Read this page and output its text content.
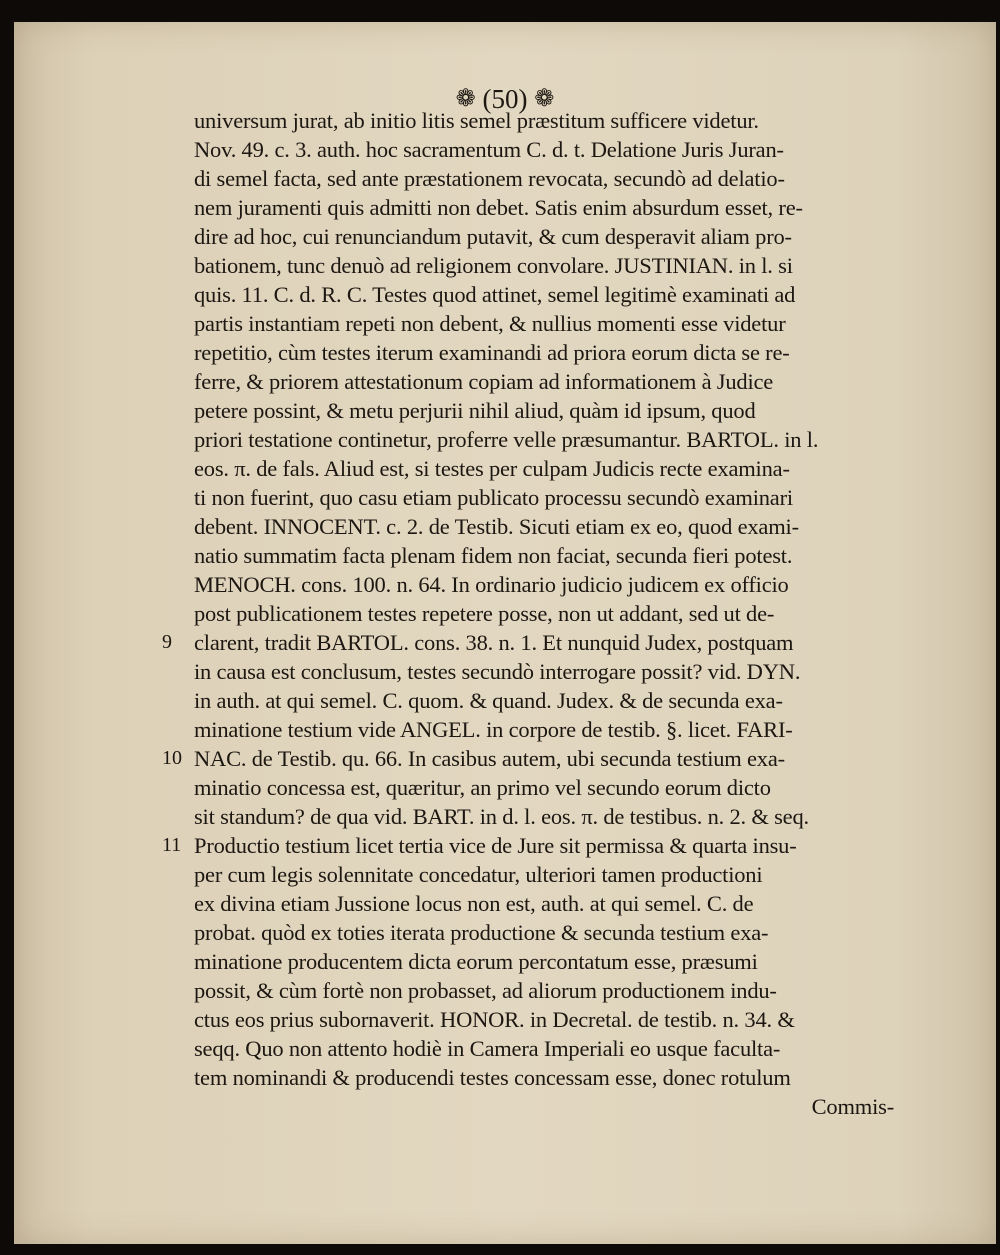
❁ (50) ❁
universum jurat, ab initio litis semel præstitum sufficere videtur.
Nov. 49. c. 3. auth. hoc sacramentum C. d. t. Delatione Juris Juran-
di semel facta, sed ante præstationem revocata, secundò ad delatio-
nem juramenti quis admitti non debet. Satis enim absurdum esset, re-
dire ad hoc, cui renunciandum putavit, & cum desperavit aliam pro-
bationem, tunc denuò ad religionem convolare. JUSTINIAN. in l. si
quis. 11. C. d. R. C. Testes quod attinet, semel legitimè examinati ad
partis instantiam repeti non debent, & nullius momenti esse videtur
repetitio, cùm testes iterum examinandi ad priora eorum dicta se re-
ferre, & priorem attestationum copiam ad informationem à Judice
petere possint, & metu perjurii nihil aliud, quàm id ipsum, quod
priori testatione continetur, proferre velle præsumantur. BARTOL. in l.
eos. π. de fals. Aliud est, si testes per culpam Judicis recte examina-
ti non fuerint, quo casu etiam publicato processu secundò examinari
debent. INNOCENT. c. 2. de Testib. Sicuti etiam ex eo, quod exami-
natio summatim facta plenam fidem non faciat, secunda fieri potest.
MENOCH. cons. 100. n. 64. In ordinario judicio judicem ex officio
post publicationem testes repetere posse, non ut addant, sed ut de-
clarent, tradit BARTOL. cons. 38. n. 1. Et nunquid Judex, postquam
in causa est conclusum, testes secundò interrogare possit? vid. DYN.
in auth. at qui semel. C. quom. & quand. Judex. & de secunda exa-
minatione testium vide ANGEL. in corpore de testib. §. licet. FARI-
NAC. de Testib. qu. 66. In casibus autem, ubi secunda testium exa-
minatio concessa est, quæritur, an primo vel secundo eorum dicto
sit standum? de qua vid. BART. in d. l. eos. π. de testibus. n. 2. & seq.
Productio testium licet tertia vice de Jure sit permissa & quarta insu-
per cum legis solennitate concedatur, ulteriori tamen productioni
ex divina etiam Jussione locus non est, auth. at qui semel. C. de
probat. quòd ex toties iterata productione & secunda testium exa-
minatione producentem dicta eorum percontatum esse, præsumi
possit, & cùm fortè non probasset, ad aliorum productionem indu-
ctus eos prius subornaverit. HONOR. in Decretal. de testib. n. 34. &
seqq. Quo non attento hodiè in Camera Imperiali eo usque faculta-
tem nominandi & producendi testes concessam esse, donec rotulum
Commis-
9
10
11
